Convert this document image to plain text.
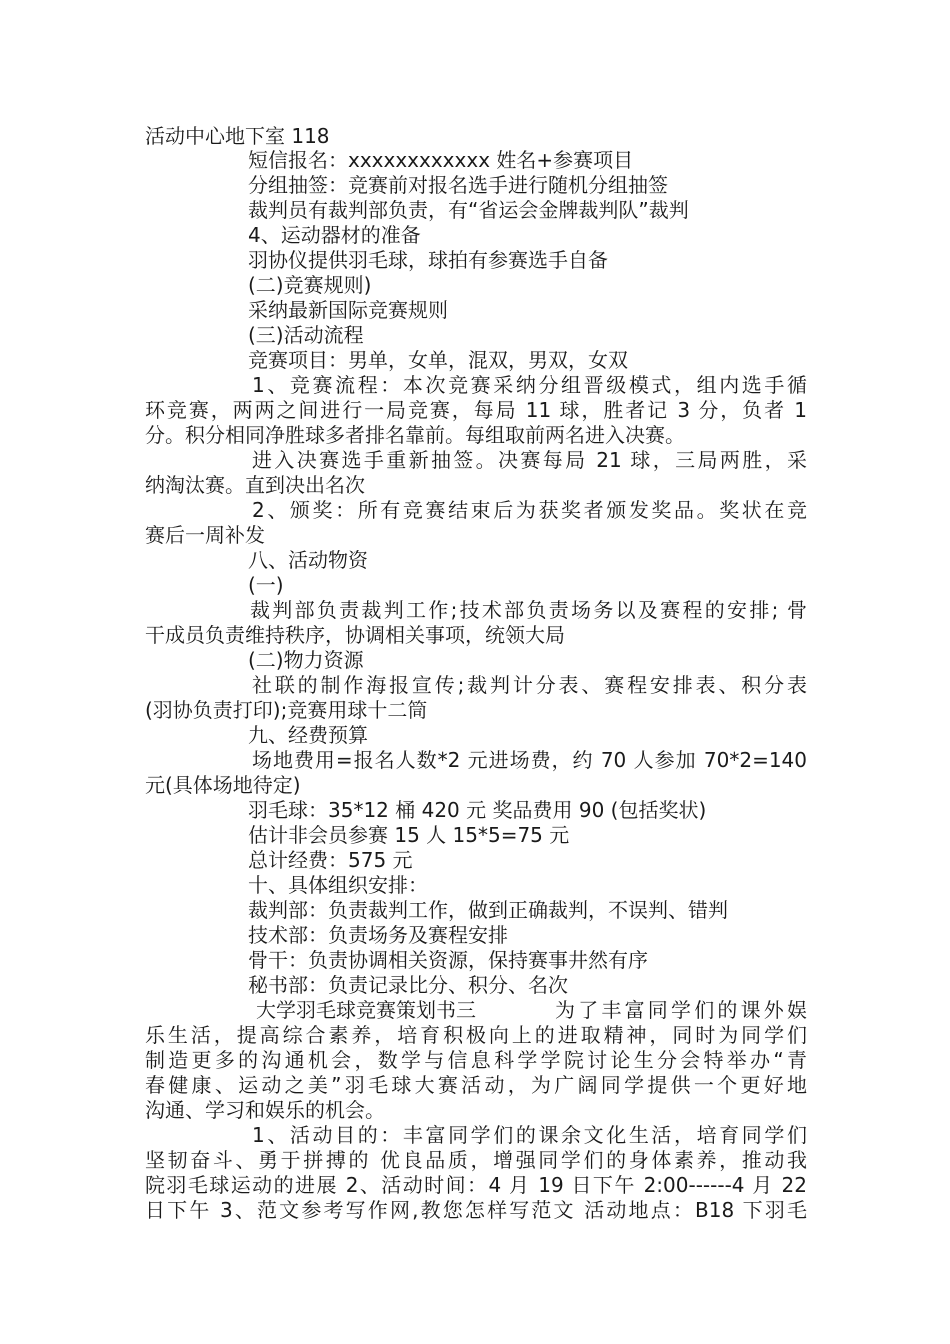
活动中心地下室 118

短信报名：xxxxxxxxxxxx 姓名+参赛项目

分组抽签：竞赛前对报名选手进行随机分组抽签

裁判员有裁判部负责，有“省运会金牌裁判队”裁判

4、运动器材的准备

羽协仪提供羽毛球，球拍有参赛选手自备

(二)竞赛规则)

采纳最新国际竞赛规则

(三)活动流程

竞赛项目：男单，女单，混双，男双，女双

1、竞赛流程：本次竞赛采纳分组晋级模式，组内选手循

环竞赛，两两之间进行一局竞赛，每局 11 球，胜者记 3 分，负者 1

分。积分相同净胜球多者排名靠前。每组取前两名进入决赛。

进入决赛选手重新抽签。决赛每局 21 球，三局两胜，采

纳淘汰赛。直到决出名次

2、颁奖：所有竞赛结束后为获奖者颁发奖品。奖状在竞

赛后一周补发

八、活动物资

(一)

裁判部负责裁判工作;技术部负责场务以及赛程的安排; 骨

干成员负责维持秩序，协调相关事项，统领大局

(二)物力资源

社联的制作海报宣传;裁判计分表、赛程安排表、积分表

(羽协负责打印);竞赛用球十二筒

九、经费预算

场地费用=报名人数*2 元进场费，约 70 人参加 70*2=140

元(具体场地待定)

羽毛球：35*12 桶 420 元 奖品费用 90 (包括奖状)

估计非会员参赛 15 人 15*5=75 元

总计经费：575 元

十、具体组织安排：

裁判部：负责裁判工作，做到正确裁判，不误判、错判

技术部：负责场务及赛程安排

骨干：负责协调相关资源，保持赛事井然有序

秘书部：负责记录比分、积分、名次

大学羽毛球竞赛策划书三	为了丰富同学们的课外娱

乐生活，提高综合素养，培育积极向上的进取精神，同时为同学们

制造更多的沟通机会，数学与信息科学学院讨论生分会特举办“青

春健康、运动之美”羽毛球大赛活动，为广阔同学提供一个更好地

沟通、学习和娱乐的机会。

1、活动目的：丰富同学们的课余文化生活，培育同学们

坚韧奋斗、勇于拼搏的 优良品质，增强同学们的身体素养，推动我

院羽毛球运动的进展 2、活动时间：4 月 19 日下午 2:00------4 月 22

日下午 3、范文参考写作网,教您怎样写范文 活动地点：B18 下羽毛
